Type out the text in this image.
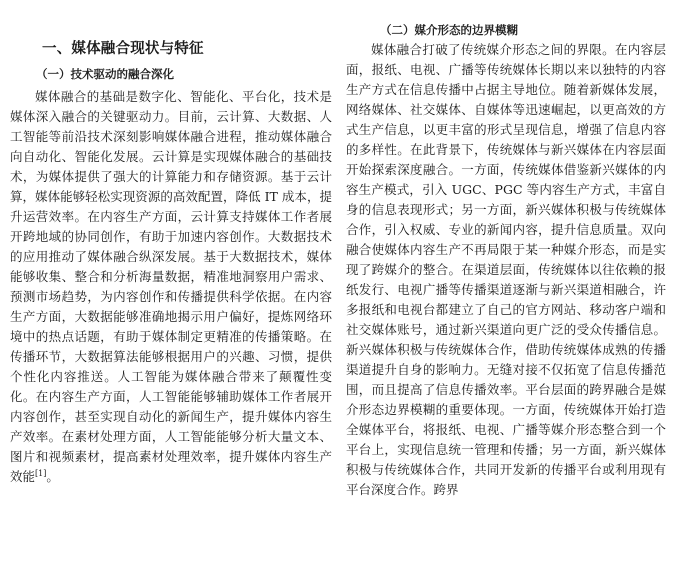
一、媒体融合现状与特征
（一）技术驱动的融合深化

媒体融合的基础是数字化、智能化、平台化，技术是媒体深入融合的关键驱动力。目前，云计算、大数据、人工智能等前沿技术深刻影响媒体融合进程，推动媒体融合向自动化、智能化发展。云计算是实现媒体融合的基础技术，为媒体提供了强大的计算能力和存储资源。基于云计算，媒体能够轻松实现资源的高效配置，降低 IT 成本，提升运营效率。在内容生产方面，云计算支持媒体工作者展开跨地域的协同创作，有助于加速内容创作。大数据技术的应用推动了媒体融合纵深发展。基于大数据技术，媒体能够收集、整合和分析海量数据，精准地洞察用户需求、预测市场趋势，为内容创作和传播提供科学依据。在内容生产方面，大数据能够准确地揭示用户偏好，提炼网络环境中的热点话题，有助于媒体制定更精准的传播策略。在传播环节，大数据算法能够根据用户的兴趣、习惯，提供个性化内容推送。人工智能为媒体融合带来了颠覆性变化。在内容生产方面，人工智能能够辅助媒体工作者展开内容创作，甚至实现自动化的新闻生产，提升媒体内容生产效率。在素材处理方面，人工智能能够分析大量文本、图片和视频素材，提高素材处理效率，提升媒体内容生产效能[1]。

（二）媒介形态的边界模糊

媒体融合打破了传统媒介形态之间的界限。在内容层面，报纸、电视、广播等传统媒体长期以来以独特的内容生产方式在信息传播中占据主导地位。随着新媒体发展，网络媒体、社交媒体、自媒体等迅速崛起，以更高效的方式生产信息，以更丰富的形式呈现信息，增强了信息内容的多样性。在此背景下，传统媒体与新兴媒体在内容层面开始探索深度融合。一方面，传统媒体借鉴新兴媒体的内容生产模式，引入 UGC、PGC 等内容生产方式，丰富自身的信息表现形式；另一方面，新兴媒体积极与传统媒体合作，引入权威、专业的新闻内容，提升信息质量。双向融合使媒体内容生产不再局限于某一种媒介形态，而是实现了跨媒介的整合。在渠道层面，传统媒体以往依赖的报纸发行、电视广播等传播渠道逐渐与新兴渠道相融合，许多报纸和电视台都建立了自己的官方网站、移动客户端和社交媒体账号，通过新兴渠道向更广泛的受众传播信息。新兴媒体积极与传统媒体合作，借助传统媒体成熟的传播渠道提升自身的影响力。无缝对接不仅拓宽了信息传播范围，而且提高了信息传播效率。平台层面的跨界融合是媒介形态边界模糊的重要体现。一方面，传统媒体开始打造全媒体平台，将报纸、电视、广播等媒介形态整合到一个平台上，实现信息统一管理和传播；另一方面，新兴媒体积极与传统媒体合作，共同开发新的传播平台或利用现有平台深度合作。跨界
